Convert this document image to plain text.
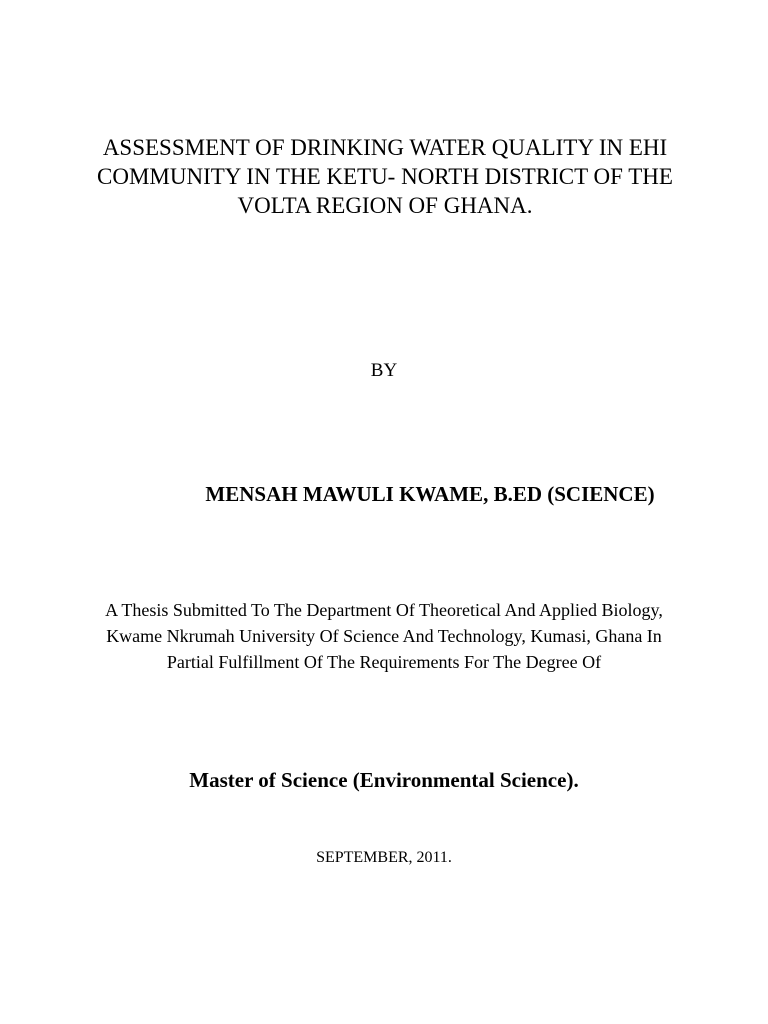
ASSESSMENT OF DRINKING WATER QUALITY IN EHI
COMMUNITY IN THE KETU- NORTH DISTRICT OF THE
VOLTA REGION OF GHANA.
BY
MENSAH MAWULI KWAME, B.ED (SCIENCE)
A Thesis Submitted To The Department Of Theoretical And Applied Biology,
Kwame Nkrumah University Of Science And Technology, Kumasi, Ghana In
Partial Fulfillment Of The Requirements For The Degree Of
Master of Science (Environmental Science).
SEPTEMBER, 2011.
